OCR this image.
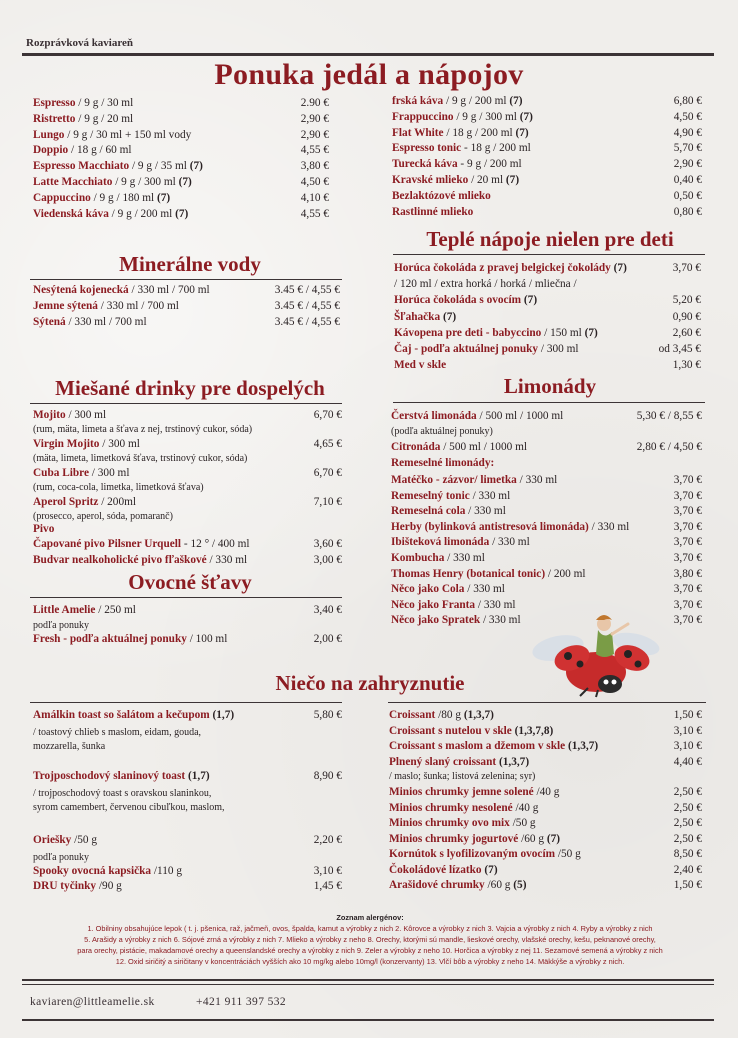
Rozprávková kaviareň
Ponuka jedál a nápojov
Espresso / 9 g / 30 ml	2.90 €
Ristretto / 9 g / 20 ml	2,90 €
Lungo / 9 g / 30 ml + 150 ml vody	2,90 €
Doppio / 18 g / 60 ml	4,55 €
Espresso Macchiato / 9 g / 35 ml (7)	3,80 €
Latte Macchiato / 9 g / 300 ml (7)	4,50 €
Cappuccino / 9 g / 180 ml (7)	4,10 €
Viedenská káva / 9 g / 200 ml (7)	4,55 €
frská káva / 9 g / 200 ml (7)	6,80 €
Frappuccino / 9 g / 300 ml (7)	4,50 €
Flat White / 18 g / 200 ml (7)	4,90 €
Espresso tonic - 18 g / 200 ml	5,70 €
Turecká káva - 9 g / 200 ml	2,90 €
Kravské mlieko / 20 ml (7)	0,40 €
Bezlaktózové mlieko	0,50 €
Rastlinné mlieko	0,80 €
Minerálne vody
Nesýtená kojenecká / 330 ml / 700 ml	3.45 € / 4,55 €
Jemne sýtená / 330 ml / 700 ml	3.45 € / 4,55 €
Sýtená / 330 ml / 700 ml	3.45 € / 4,55 €
Teplé nápoje nielen pre deti
Horúca čokoláda z pravej belgickej čokolády (7)	3,70 €
/ 120 ml / extra horká / horká / mliečna /
Horúca čokoláda s ovocím (7)	5,20 €
Šľahačka (7)	0,90 €
Kávopena pre deti - babyccino / 150 ml (7)	2,60 €
Čaj - podľa aktuálnej ponuky / 300 ml	od 3,45 €
Med v skle	1,30 €
Miešané drinky pre dospelých
Mojito / 300 ml	6,70 €
(rum, mäta, limeta a šťava z nej, trstinový cukor, sóda)
Virgin Mojito / 300 ml	4,65 €
(mäta, limeta, limetková šťava, trstinový cukor, sóda)
Cuba Libre / 300 ml	6,70 €
(rum, coca-cola, limetka, limetková šťava)
Aperol Spritz / 200ml	7,10 €
(prosecco, aperol, sóda, pomaranč)
Pivo
Čapované pivo Pilsner Urquell - 12 ° / 400 ml	3,60 €
Budvar nealkoholické pivo fľaškové / 330 ml	3,00 €
Ovocné šťavy
Little Amelie / 250 ml	3,40 €
podľa ponuky
Fresh - podľa aktuálnej ponuky / 100 ml	2,00 €
Limonády
Čerstvá limonáda / 500 ml / 1000 ml	5,30 € / 8,55 €
(podľa aktuálnej ponuky)
Citronáda / 500 ml / 1000 ml	2,80 € / 4,50 €
Remeselné limonády:
Matéčko - zázvor/ limetka / 330 ml	3,70 €
Remeselný tonic / 330 ml	3,70 €
Remeselná cola / 330 ml	3,70 €
Herby (bylinková antistresová limonáda) / 330 ml	3,70 €
Ibišteková limonáda / 330 ml	3,70 €
Kombucha / 330 ml	3,70 €
Thomas Henry (botanical tonic) / 200 ml	3,80 €
Něco jako Cola / 330 ml	3,70 €
Něco jako Franta / 330 ml	3,70 €
Něco jako Spratek / 330 ml	3,70 €
Niečo na zahryznutie
Amálkin toast so šalátom a kečupom (1,7)	5,80 €
/ toastový chlieb s maslom, eidam, gouda,
mozzarella, šunka
Trojposchodový slaninový toast (1,7)	8,90 €
/ trojposchodový toast s oravskou slaninkou,
syrom camembert, červenou cibuľkou, maslom,
Oriešky /50 g	2,20 €
podľa ponuky
Spooky ovocná kapsička /110 g	3,10 €
DRU tyčinky /90 g	1,45 €
Croissant /80 g (1,3,7)	1,50 €
Croissant s nutelou v skle (1,3,7,8)	3,10 €
Croissant s maslom a džemom v skle (1,3,7)	3,10 €
Plnený slaný croissant (1,3,7)	4,40 €
/ maslo; šunka; listová zelenina; syr)
Minios chrumky jemne solené /40 g	2,50 €
Minios chrumky nesolené /40 g	2,50 €
Minios chrumky ovo mix /50 g	2,50 €
Minios chrumky jogurtové /60 g (7)	2,50 €
Kornútok s lyofilizovaným ovocím /50 g	8,50 €
Čokoládové lízatko (7)	2,40 €
Arašidové chrumky /60 g (5)	1,50 €
Zoznam alergénov:
1. Obilniny obsahujúce lepok ( t. j. pšenica, raž, jačmeň, ovos, špalda, kamut a výrobky z nich 2. Kôrovce a výrobky z nich 3. Vajcia a výrobky z nich 4. Ryby a výrobky z nich
5. Arašidy a výrobky z nich 6. Sójové zrná a výrobky z nich 7. Mlieko a výrobky z neho 8. Orechy, ktorými sú mandle, lieskové orechy, vlašské orechy, kešu, peknanové orechy,
para orechy, pistácie, makadamové orechy a queenslandské orechy a výrobky z nich 9. Zeler a výrobky z neho 10. Horčica a výrobky z nej 11. Sezamové semená a výrobky z nich
12. Oxid siričitý a siričitany v koncentráciách vyšších ako 10 mg/kg alebo 10mg/l (konzervanty) 13. Vlčí bôb a výrobky z neho 14. Mäkkýše a výrobky z nich.
kaviaren@littleamelie.sk	+421 911 397 532
